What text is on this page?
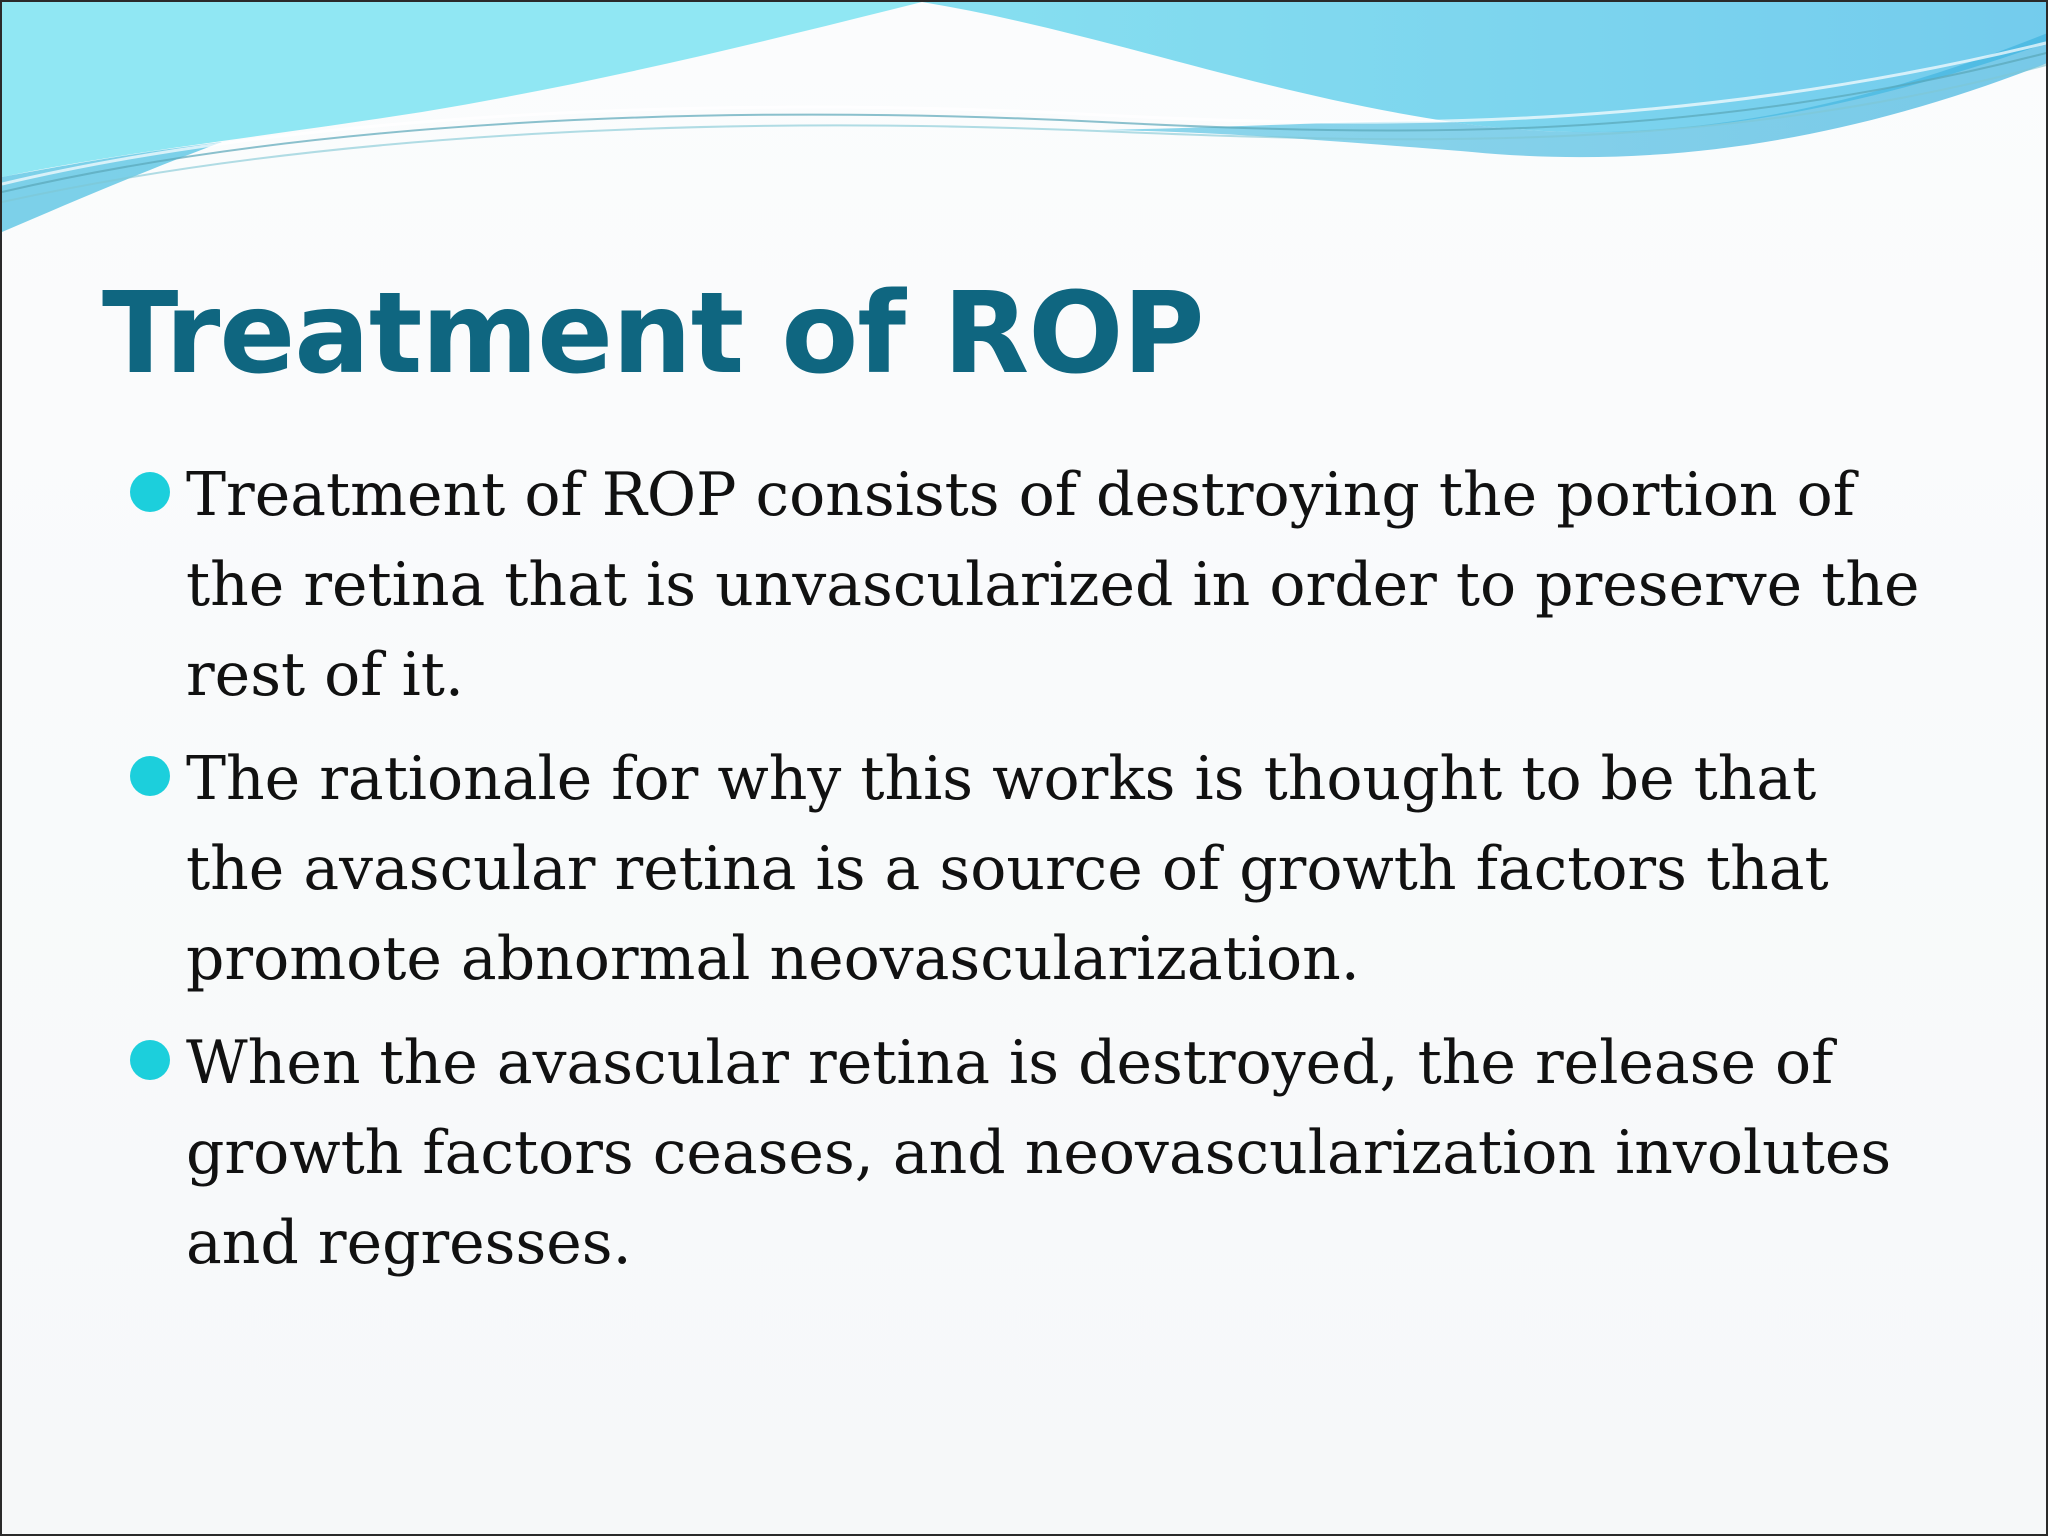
Treatment of ROP
Treatment of ROP consists of destroying the portion of the retina that is unvascularized in order to preserve the rest of it.
The rationale for why this works is thought to be that the avascular retina is a source of growth factors that promote abnormal neovascularization.
When the avascular retina is destroyed, the release of growth factors ceases, and neovascularization involutes and regresses.
